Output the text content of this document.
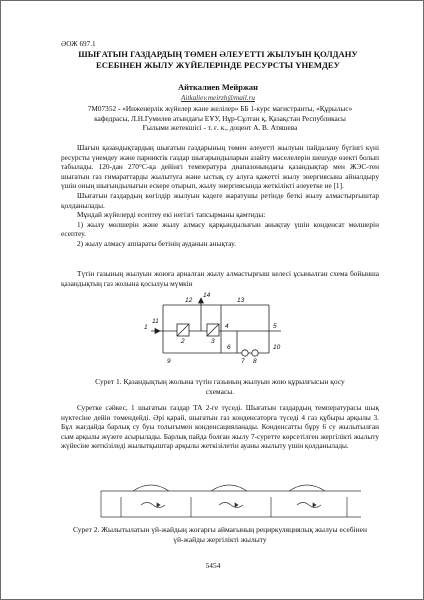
ӘОЖ 697.1
ШЫҒАТЫН ГАЗДАРДЫҢ ТӨМЕН ӘЛЕУЕТТІ ЖЫЛУЫН ҚОЛДАНУ
ЕСЕБІНЕН ЖЫЛУ ЖҮЙЕЛЕРІНДЕ РЕСУРСТЫ ҮНЕМДЕУ
Айткалиев Мейржан
Aitkaliev.meirzh@mail.ru
7М07352 - «Инженерлік жүйелер және желілер» ББ 1-курс магистранты, «Құрылыс»
кафедрасы, Л.Н.Гумилев атындағы ЕҰУ, Нұр-Сұлтан қ, Қазақстан Республикасы
Ғылыми жетекшісі - т. ғ. к., доцент А. В. Атяшева

Шағын қазандықтардың шығатын газдарының төмен әлеуетті жылуын пайдалану бүгінгі күні ресурсты үнемдеу және парниктік газдар шығарындыларын азайту мәселелерін шешуде өзекті болып табылады. 120-дан 270°С-қа дейінгі температура диапазонындағы қазандықтар мен ЖЭС-тен шығатын газ ғимараттарды жылытуға және ыстық су алуға қажетті жылу энергиясына айналдыру үшін оның шығындылығын ескере отырып, жылу энергиясында жеткілікті әлеуетке ие [1].

Шығатын газдардың көгілдір жылуын кәдеге жаратушы ретінде беткі жылу алмастырғыштар қолданылады.

Мұндай жүйелерді есептеу екі негізгі тапсырманы қамтиды:

1) жылу мөлшерін және жылу алмасу қарқындылығын анықтау үшін конденсат мөлшерін есептеу.

2) жылу алмасу аппараты бетінің ауданын анықтау.

Түтін газының жылуын жоюға арналған жылу алмастырғыш келесі ұсынылған схема бойынша қазандықтың газ жолына қосылуы мүмкін

12
14
13
11
1
2	3
4	5
6
7 8
9
10
Сурет 1. Қазандықтың жолына түтін газының жылуын жою құрылғысын қосу
схемасы.

Суретке сәйкес, 1 шығатын газдар ТА 2-ге түседі. Шығатын газдардың температурасы шық нүктесіне дейін төмендейді. Әрі қарай, шығатын газ конденсаторға түседі 4 газ құбыры арқылы 3. Бұл жағдайда барлық су буы толығымен конденсацияланады. Конденсатты бұру 6 су жылытылған сым арқылы жүзеге асырылады. Барлық пайда болған жылу 7-суретте көрсетілген жергілікті жылыту жүйесіне жеткізіледі жылытқыштар арқылы жеткізілетін ауаны жылыту үшін қолданылады.

Сурет 2. Жылытылатын үй-жайдың жоғарғы аймағының рециркуляциялық жылуы есебінен
үй-жайды жергілікті жылыту
5454
